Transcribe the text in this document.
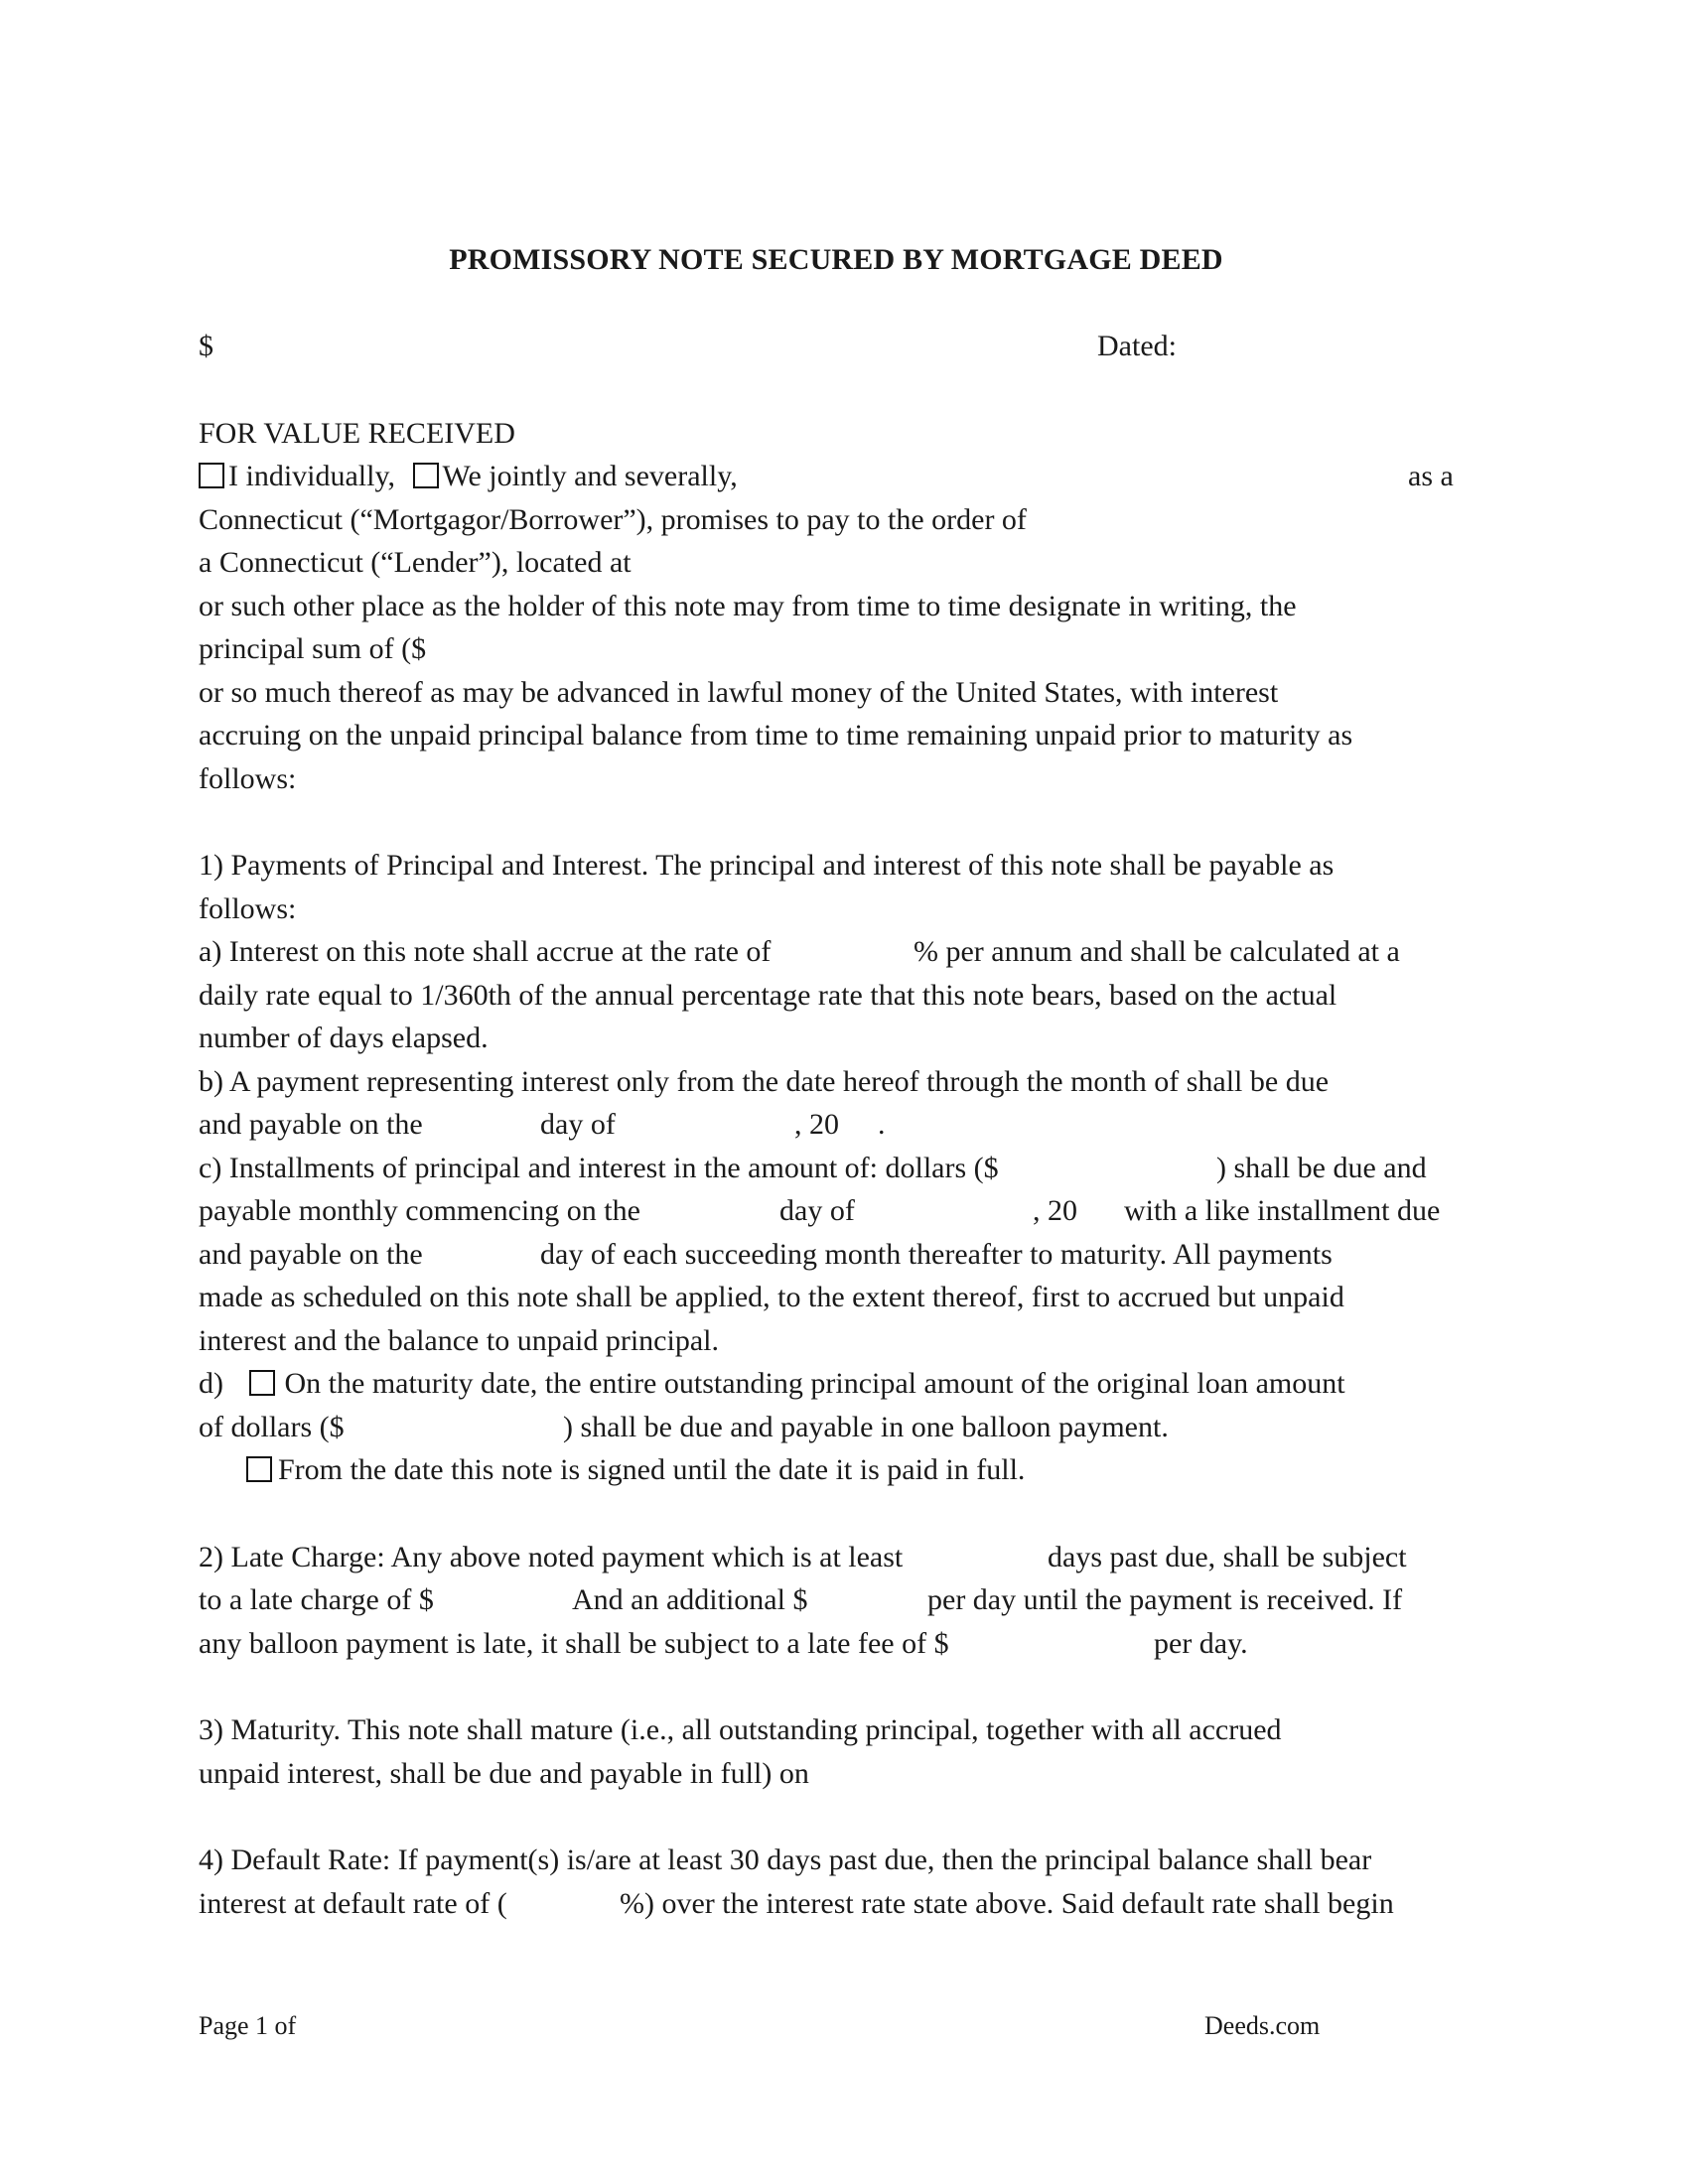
PROMISSORY NOTE SECURED BY MORTGAGE DEED
$	Dated:
FOR VALUE RECEIVED
I individually, We jointly and severally,	as a
Connecticut (“Mortgagor/Borrower”), promises to pay to the order of
a Connecticut (“Lender”), located at
or such other place as the holder of this note may from time to time designate in writing, the
principal sum of ($
or so much thereof as may be advanced in lawful money of the United States, with interest
accruing on the unpaid principal balance from time to time remaining unpaid prior to maturity as
follows:
1) Payments of Principal and Interest. The principal and interest of this note shall be payable as
follows:
a) Interest on this note shall accrue at the rate of	% per annum and shall be calculated at a
daily rate equal to 1/360th of the annual percentage rate that this note bears, based on the actual
number of days elapsed.
b) A payment representing interest only from the date hereof through the month of shall be due
and payable on the	day of	, 20 .
c) Installments of principal and interest in the amount of: dollars ($	) shall be due and
payable monthly commencing on the	day of	, 20 with a like installment due
and payable on the	day of each succeeding month thereafter to maturity. All payments
made as scheduled on this note shall be applied, to the extent thereof, first to accrued but unpaid
interest and the balance to unpaid principal.
d) On the maturity date, the entire outstanding principal amount of the original loan amount
of dollars ($	) shall be due and payable in one balloon payment.
From the date this note is signed until the date it is paid in full.
2) Late Charge: Any above noted payment which is at least	days past due, shall be subject
to a late charge of $	And an additional $	per day until the payment is received. If
any balloon payment is late, it shall be subject to a late fee of $	per day.
3) Maturity. This note shall mature (i.e., all outstanding principal, together with all accrued
unpaid interest, shall be due and payable in full) on
4) Default Rate: If payment(s) is/are at least 30 days past due, then the principal balance shall bear
interest at default rate of (	%) over the interest rate state above. Said default rate shall begin
Page 1 of	Deeds.com
